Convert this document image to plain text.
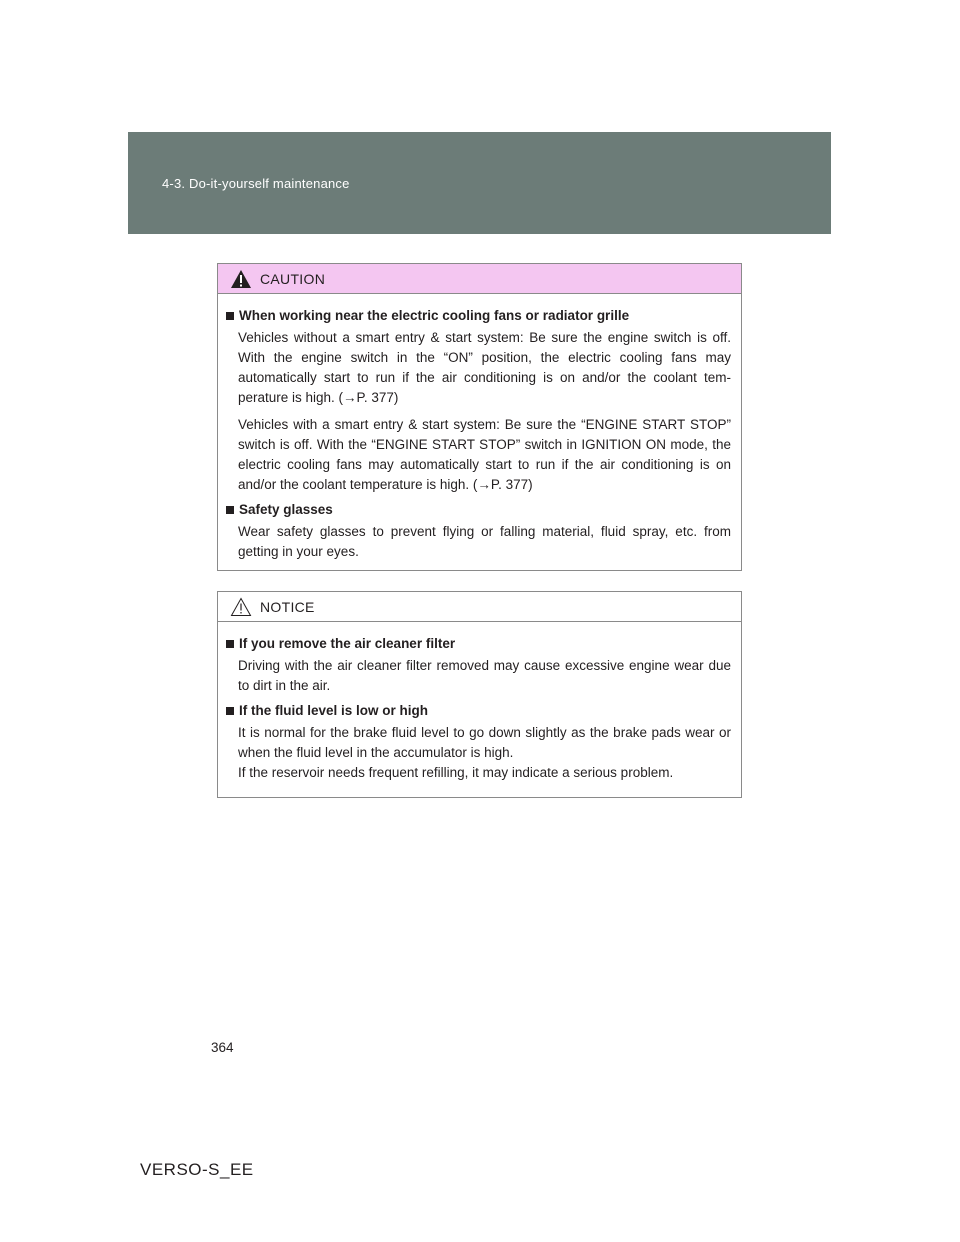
4-3. Do-it-yourself maintenance
CAUTION
When working near the electric cooling fans or radiator grille

Vehicles without a smart entry & start system: Be sure the engine switch is off. With the engine switch in the “ON” position, the electric cooling fans may automatically start to run if the air conditioning is on and/or the coolant tem-perature is high. (→P. 377)

Vehicles with a smart entry & start system: Be sure the “ENGINE START STOP” switch is off. With the “ENGINE START STOP” switch in IGNITION ON mode, the electric cooling fans may automatically start to run if the air conditioning is on and/or the coolant temperature is high. (→P. 377)

Safety glasses

Wear safety glasses to prevent flying or falling material, fluid spray, etc. from getting in your eyes.

NOTICE
If you remove the air cleaner filter

Driving with the air cleaner filter removed may cause excessive engine wear due to dirt in the air.

If the fluid level is low or high

It is normal for the brake fluid level to go down slightly as the brake pads wear or when the fluid level in the accumulator is high.

If the reservoir needs frequent refilling, it may indicate a serious problem.

364
VERSO-S_EE
